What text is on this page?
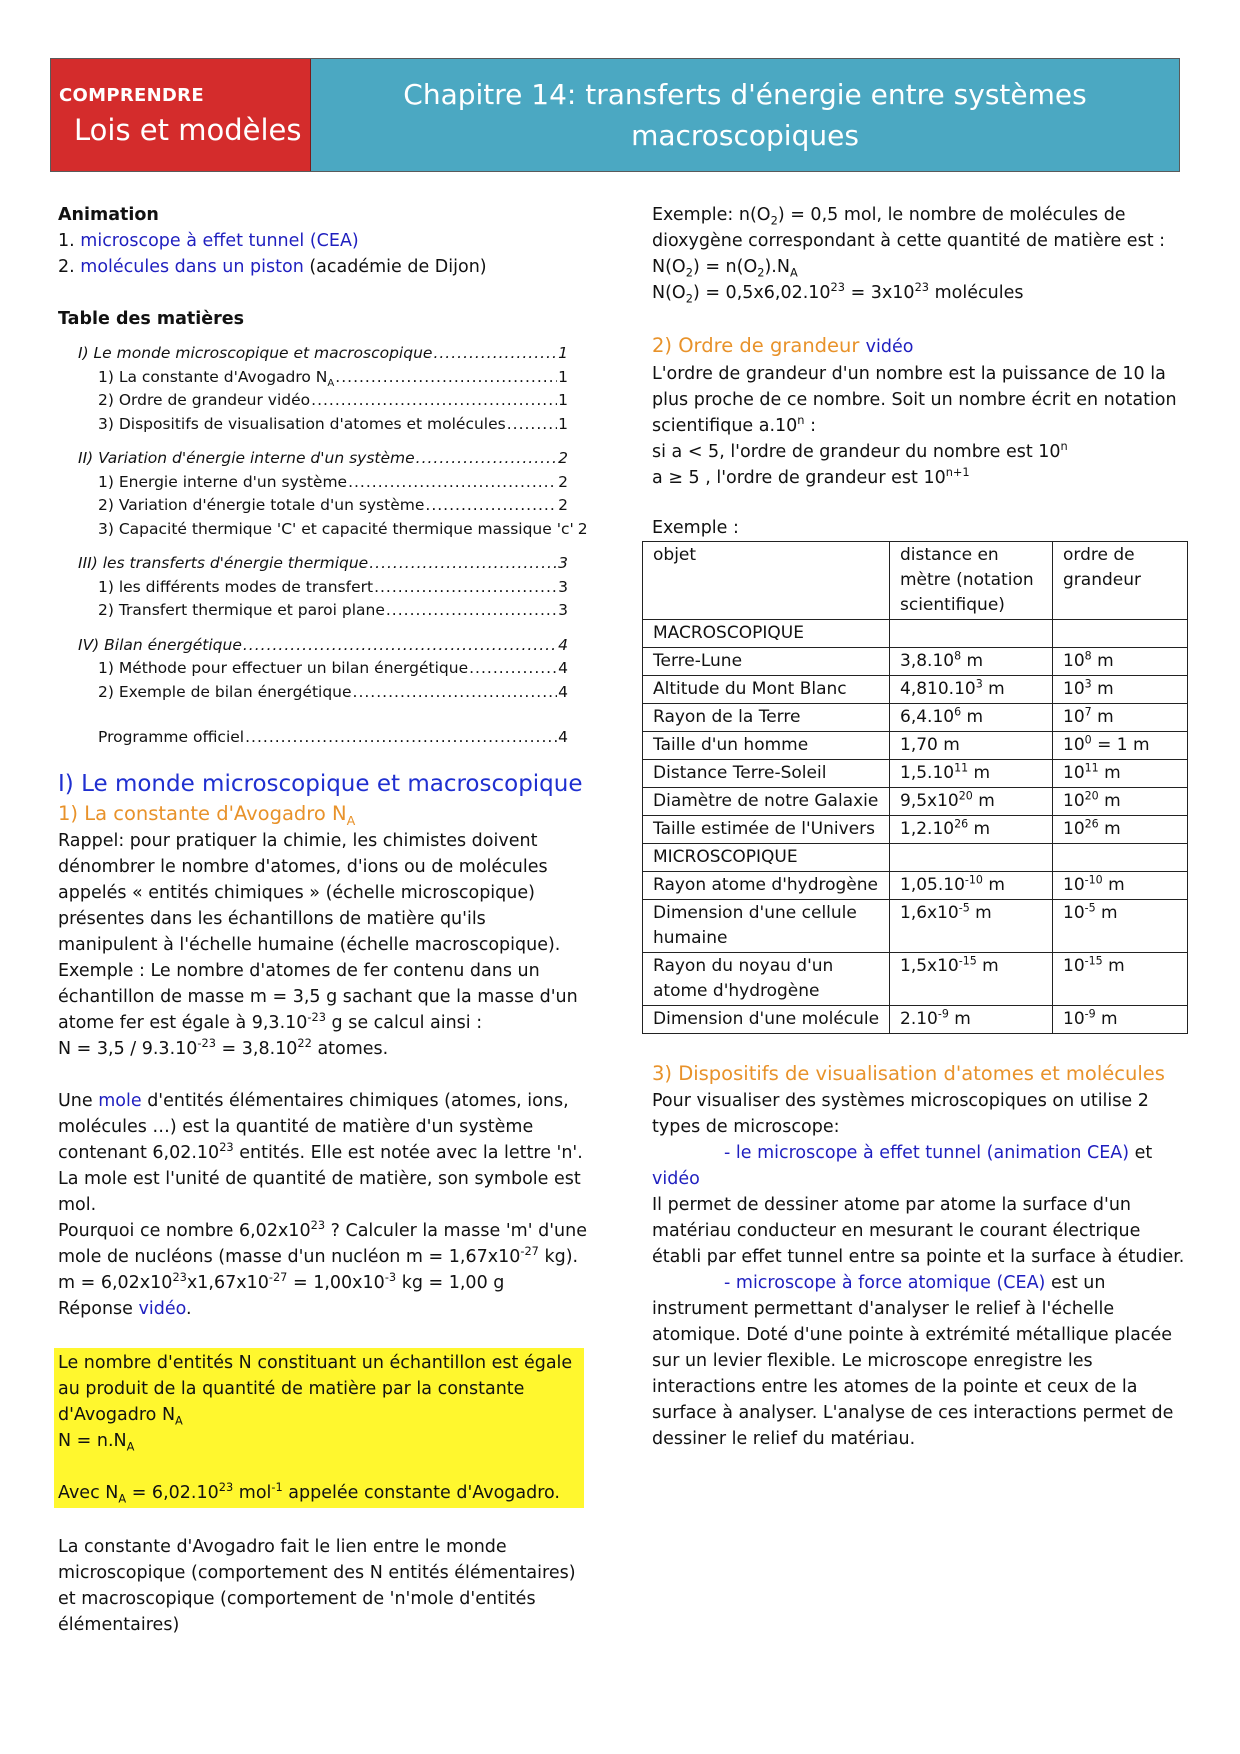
COMPRENDRE
Lois et modèles
Chapitre 14: transferts d'énergie entre systèmes macroscopiques
Animation
1. microscope à effet tunnel (CEA)
2. molécules dans un piston (académie de Dijon)
Table des matières
I) Le monde microscopique et macroscopique .....	1
1) La constante d'Avogadro $N_A$ .....	1
2) Ordre de grandeur vidéo .....	1
3) Dispositifs de visualisation d'atomes et molécules .....	1
II) Variation d'énergie interne d'un système .....	2
1) Energie interne d'un système .....	2
2) Variation d'énergie totale d'un système .....	2
3) Capacité thermique 'C' et capacité thermique massique 'c' 2
III) les transferts d'énergie thermique .....	3
1) les différents modes de transfert .....	3
2) Transfert thermique et paroi plane .....	3
IV) Bilan énergétique .....	4
1) Méthode pour effectuer un bilan énergétique .....	4
2) Exemple de bilan énergétique .....	4
Programme officiel .....	4
I) Le monde microscopique et macroscopique
1) La constante d'Avogadro $N_A$
Rappel: pour pratiquer la chimie, les chimistes doivent dénombrer le nombre d'atomes, d'ions ou de molécules appelés « entités chimiques » (échelle microscopique) présentes dans les échantillons de matière qu'ils manipulent à l'échelle humaine (échelle macroscopique).
Exemple : Le nombre d'atomes de fer contenu dans un échantillon de masse m = 3,5 g sachant que la masse d'un atome fer est égale à $9,3.10^{-23}$ g se calcul ainsi :
$N = 3,5 / 9.3.10^{-23} = 3,8.10^{22}$ atomes.
Une mole d'entités élémentaires chimiques (atomes, ions, molécules …) est la quantité de matière d'un système contenant 6,02.10$^{23}$ entités. Elle est notée avec la lettre 'n'. La mole est l'unité de quantité de matière, son symbole est mol.
Pourquoi ce nombre $6,02x10^{23}$ ? Calculer la masse 'm' d'une mole de nucléons (masse d'un nucléon $m = 1,67x10^{-27}$ kg).
$m = 6,02x10^{23}x1,67x10^{-27} = 1,00x10^{-3}$ kg = 1,00 g
Réponse vidéo.
Le nombre d'entités N constituant un échantillon est égale au produit de la quantité de matière par la constante d'Avogadro $N_A$
$N = n.N_A$
Avec $N_A = 6,02.10^{23}$ mol$^{-1}$ appelée constante d'Avogadro.
La constante d'Avogadro fait le lien entre le monde microscopique (comportement des N entités élémentaires) et macroscopique (comportement de 'n'mole d'entités élémentaires)
Exemple: $n(O_2) = 0,5$ mol, le nombre de molécules de dioxygène correspondant à cette quantité de matière est :
$N(O_2) = n(O_2).N_A$
$N(O_2) = 0,5x6,02.10^{23} = 3x10^{23}$ molécules
2) Ordre de grandeur vidéo
L'ordre de grandeur d'un nombre est la puissance de 10 la plus proche de ce nombre. Soit un nombre écrit en notation scientifique a.10$^n$ :
si a < 5, l'ordre de grandeur du nombre est 10$^n$
a ≥ 5 , l'ordre de grandeur est $10^{n+1}$
Exemple :
objet	distance en mètre (notation scientifique)	ordre de grandeur
MACROSCOPIQUE		
Terre-Lune	3,8.10$^8$ m	$10^8$ m
Altitude du Mont Blanc	4,810.10$^3$ m	$10^3$ m
Rayon de la Terre	6,4.10$^6$ m	$10^7$ m
Taille d'un homme	1,70 m	$10^0 = 1$ m
Distance Terre-Soleil	1,5.10$^{11}$ m	$10^{11}$ m
Diamètre de notre Galaxie	$9,5x10^{20}$ m	$10^{20}$ m
Taille estimée de l'Univers	1,2.10$^{26}$ m	$10^{26}$ m
MICROSCOPIQUE		
Rayon atome d'hydrogène	$1,05.10^{-10}$ m	$10^{-10}$ m
Dimension d'une cellule humaine	$1,6x10^{-5}$ m	$10^{-5}$ m
Rayon du noyau d'un atome d'hydrogène	$1,5x10^{-15}$ m	$10^{-15}$ m
Dimension d'une molécule	$2.10^{-9}$ m	$10^{-9}$ m
3) Dispositifs de visualisation d'atomes et molécules
Pour visualiser des systèmes microscopiques on utilise 2 types de microscope:
- le microscope à effet tunnel (animation CEA) et
vidéo
Il permet de dessiner atome par atome la surface d'un matériau conducteur en mesurant le courant électrique établi par effet tunnel entre sa pointe et la surface à étudier.
- microscope à force atomique (CEA) est un instrument permettant d'analyser le relief à l'échelle atomique. Doté d'une pointe à extrémité métallique placée sur un levier flexible. Le microscope enregistre les interactions entre les atomes de la pointe et ceux de la surface à analyser. L'analyse de ces interactions permet de dessiner le relief du matériau.
